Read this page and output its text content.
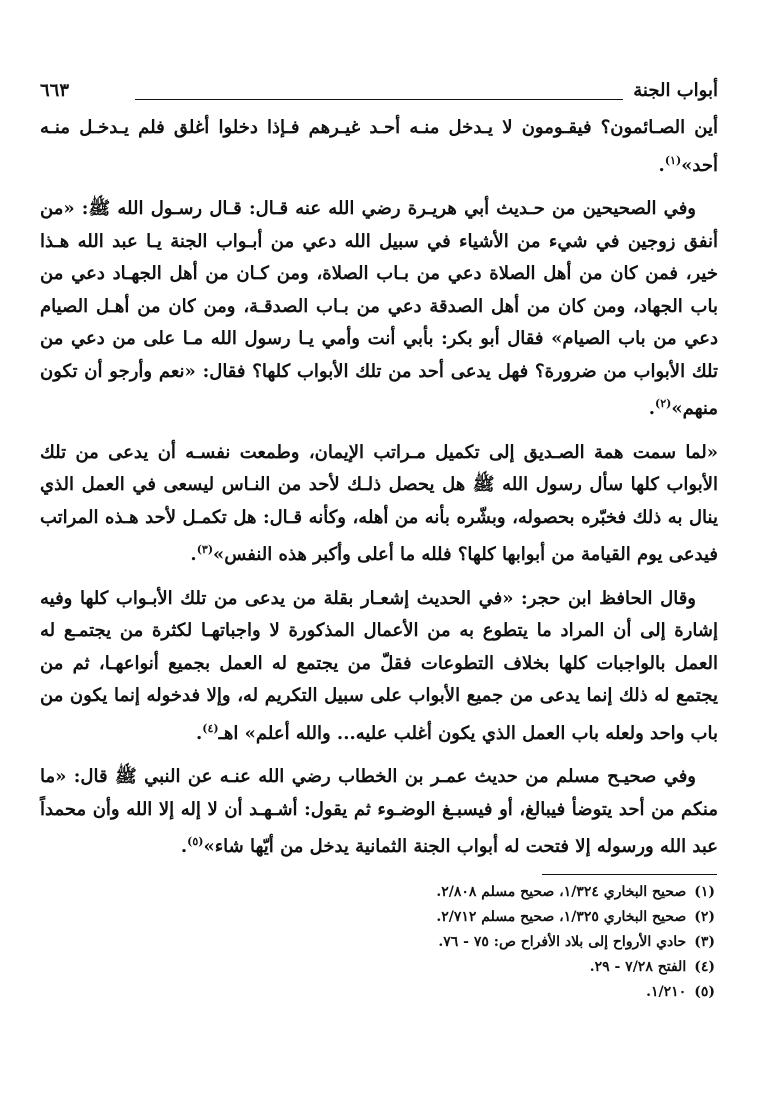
أبواب الجنة
٦٦٣

أين الصـائمون؟ فيقـومون لا يـدخل منـه أحـد غيـرهم فـإذا دخلوا أغلق فلم يـدخـل منـه أحد»$^{(١)}$.

وفي الصحيحين من حـديث أبي هريـرة رضي الله عنه قـال: قـال رسـول الله ﷺ: «من أنفق زوجين في شيء من الأشياء في سبيل الله دعي من أبـواب الجنة يـا عبد الله هـذا خير، فمن كان من أهل الصلاة دعي من بـاب الصلاة، ومن كـان من أهل الجهـاد دعي من باب الجهاد، ومن كان من أهل الصدقة دعي من بـاب الصدقـة، ومن كان من أهـل الصيام دعي من باب الصيام» فقال أبو بكر: بأبي أنت وأمي يـا رسول الله مـا على من دعي من تلك الأبواب من ضرورة؟ فهل يدعى أحد من تلك الأبواب كلها؟ فقال: «نعم وأرجو أن تكون منهم»$^{(٢)}$.

«لما سمت همة الصـديق إلى تكميل مـراتب الإيمان، وطمعت نفسـه أن يدعى من تلك الأبواب كلها سأل رسول الله ﷺ هل يحصل ذلـك لأحد من النـاس ليسعى في العمل الذي ينال به ذلك فخبّره بحصوله، وبشّره بأنه من أهله، وكأنه قـال: هل تكمـل لأحد هـذه المراتب فيدعى يوم القيامة من أبوابها كلها؟ فلله ما أعلى وأكبر هذه النفس»$^{(٣)}$.

وقال الحافظ ابن حجر: «في الحديث إشعـار بقلة من يدعى من تلك الأبـواب كلها وفيه إشارة إلى أن المراد ما يتطوع به من الأعمال المذكورة لا واجباتهـا لكثرة من يجتمـع له العمل بالواجبات كلها بخلاف التطوعات فقلّ من يجتمع له العمل بجميع أنواعهـا، ثم من يجتمع له ذلك إنما يدعى من جميع الأبواب على سبيل التكريم له، وإلا فدخوله إنما يكون من باب واحد ولعله باب العمل الذي يكون أغلب عليه... والله أعلم» اهـ$^{(٤)}$.

وفي صحيـح مسلم من حديث عمـر بن الخطاب رضي الله عنـه عن النبي ﷺ قال: «ما منكم من أحد يتوضأ فيبالغ، أو فيسبـغ الوضـوء ثم يقول: أشـهـد أن لا إله إلا الله وأن محمداً عبد الله ورسوله إلا فتحت له أبواب الجنة الثمانية يدخل من أيّها شاء»$^{(٥)}$.

(١)صحيح البخاري ١/٣٢٤، صحيح مسلم ٢/٨٠٨.
(٢)صحيح البخاري ١/٣٢٥، صحيح مسلم ٢/٧١٢.
(٣)حادي الأرواح إلى بلاد الأفراح ص: ٧٥ - ٧٦.
(٤)الفتح ٧/٢٨ - ٢٩.
(٥)١/٢١٠.
